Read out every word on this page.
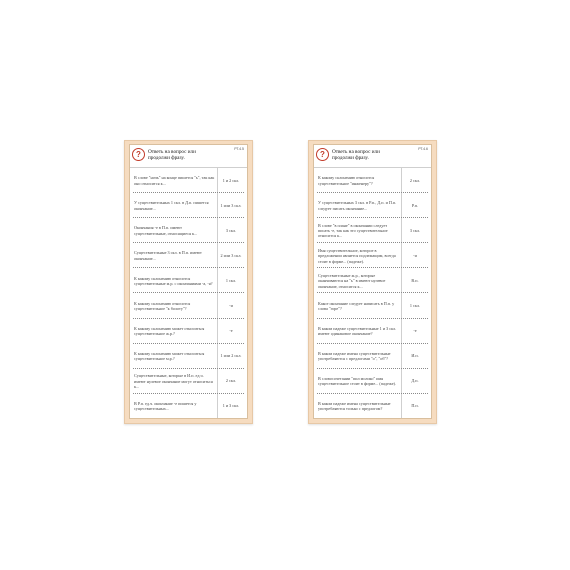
?	Ответь на вопрос или продолжи фразу.
РТ.4.5
В слове "ночь" на конце пишется "ь", так как оно относится к...
1 и 2 скл.
У существительных 1 скл. в Д.п. пишется окончание...
1 или 3 скл.
Окончания -е в П.п. имеют существительные, относящиеся к...
3 скл.
Существительные 3 скл. в П.п. имеют окончание...
2 или 3 скл.
К какому склонению относится существительные м.р. с окончаниями -а, -я?
1 скл.
К какому склонению относится существительное "к болоту"?
-и
К какому склонению может относиться существительное ж.р.?
-е
К какому склонению может относиться существительное м.р.?
1 или 2 скл.
Существительные, которые в И.п. ед.ч. имеют нулевое окончание могут относиться к...
2 скл.
В Р.п. ед.ч. окончание -е пишется у существительных...
1 и 3 скл.
?	Ответь на вопрос или продолжи фразу.
РТ.4.6
К какому склонению относится существительное "инженеру"?
2 скл.
У существительных 3 скл. в Р.п., Д.п. и П.п. следует писать окончание...
Р.п.
В слове "в плане" в окончании следует писать -е, так как это существительное относится к...
3 скл.
Имя существительное, которое в предложении является подлежащим, всегда стоит в форме... (падеже).
-и
Существительные ж.р., которые оканчиваются на "ь" в имеют нулевое окончание, относятся к...
В.п.
Какое окончание следует написать в П.п. у слова "горе"?
1 скл.
В каком падеже существительные 1 и 3 скл. имеют одинаковое окончание?
-е
В каком падеже имена существительные употребляются с предлогами "о", "об"?
И.п.
В словосочетании "пил молоко" имя существительное стоит в форме... (падеже).
Д.п.
В каком падеже имена существительные употребляются только с предлогом?
П.п.
